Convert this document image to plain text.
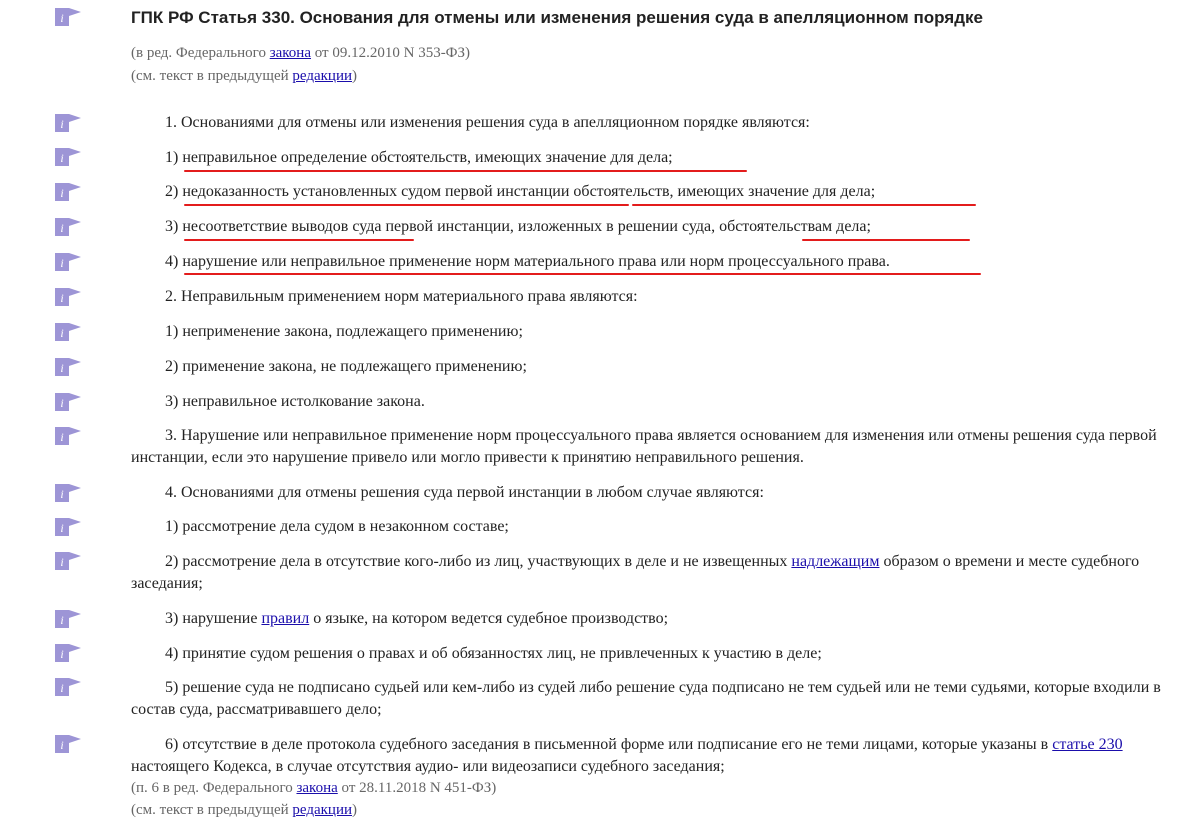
i	ГПК РФ Статья 330. Основания для отмены или изменения решения суда в апелляционном порядке
(в ред. Федерального закона от 09.12.2010 N 353-ФЗ)
(см. текст в предыдущей редакции)
i	1. Основаниями для отмены или изменения решения суда в апелляционном порядке являются:
i	1) неправильное определение обстоятельств, имеющих значение для дела;
i	2) недоказанность установленных судом первой инстанции обстоятельств, имеющих значение для дела;
i	3) несоответствие выводов суда первой инстанции, изложенных в решении суда, обстоятельствам дела;
i	4) нарушение или неправильное применение норм материального права или норм процессуального права.
i	2. Неправильным применением норм материального права являются:
i	1) неприменение закона, подлежащего применению;
i	2) применение закона, не подлежащего применению;
i	3) неправильное истолкование закона.
i	3. Нарушение или неправильное применение норм процессуального права является основанием для изменения или отмены решения суда первой инстанции, если это нарушение привело или могло привести к принятию неправильного решения.
i	4. Основаниями для отмены решения суда первой инстанции в любом случае являются:
i	1) рассмотрение дела судом в незаконном составе;
i	2) рассмотрение дела в отсутствие кого-либо из лиц, участвующих в деле и не извещенных надлежащим образом о времени и месте судебного заседания;
i	3) нарушение правил о языке, на котором ведется судебное производство;
i	4) принятие судом решения о правах и об обязанностях лиц, не привлеченных к участию в деле;
i	5) решение суда не подписано судьей или кем-либо из судей либо решение суда подписано не тем судьей или не теми судьями, которые входили в состав суда, рассматривавшего дело;
i	6) отсутствие в деле протокола судебного заседания в письменной форме или подписание его не теми лицами, которые указаны в статье 230 настоящего Кодекса, в случае отсутствия аудио- или видеозаписи судебного заседания;
(п. 6 в ред. Федерального закона от 28.11.2018 N 451-ФЗ)
(см. текст в предыдущей редакции)
